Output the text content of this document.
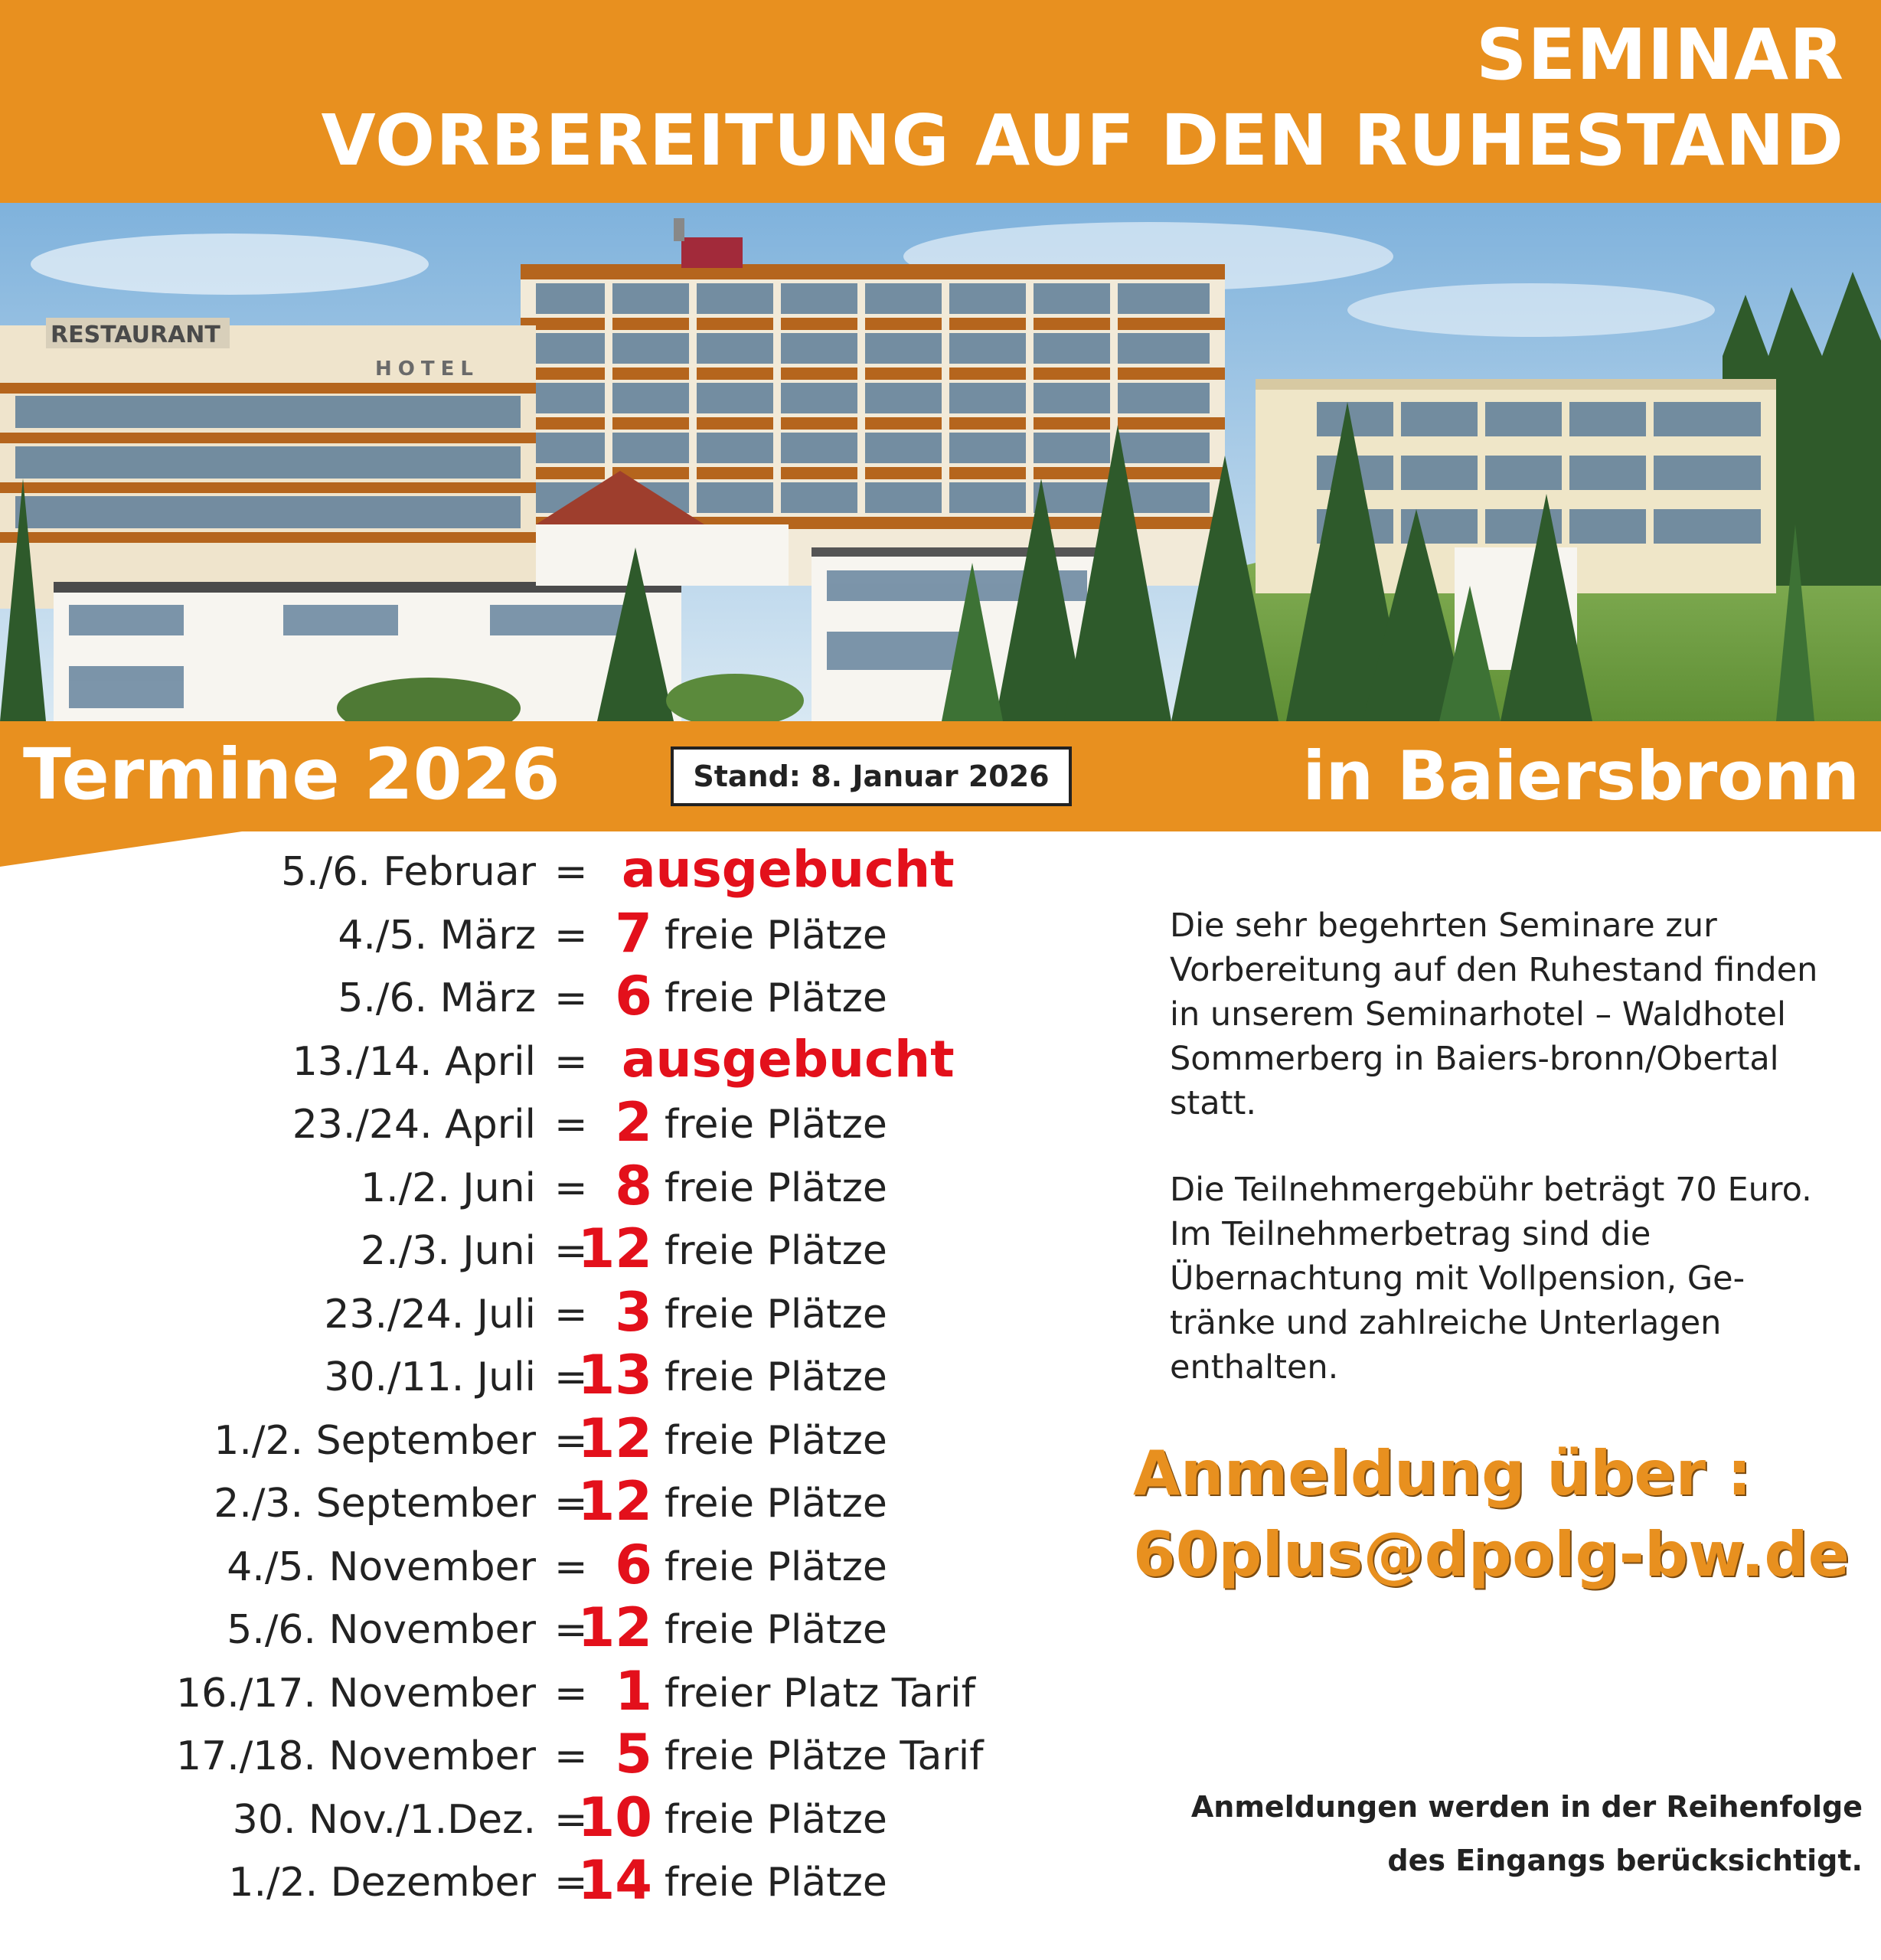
SEMINAR
VORBEREITUNG AUF DEN RUHESTAND
RESTAURANT
HOTEL
Termine 2026	Stand: 8. Januar 2026	in Baiersbronn
5./6. Februar = ausgebucht
4./5. März = 7 freie Plätze
5./6. März = 6 freie Plätze
13./14. April = ausgebucht
23./24. April = 2 freie Plätze
1./2. Juni = 8 freie Plätze
2./3. Juni =
12 freie Plätze
23./24. Juli = 3 freie Plätze
30./11. Juli =
13 freie Plätze
1./2. September =
12 freie Plätze
2./3. September =
12 freie Plätze
4./5. November = 6 freie Plätze
5./6. November =
12 freie Plätze
16./17. November = 1 freier Platz Tarif
17./18. November = 5 freie Plätze Tarif
30. Nov./1.Dez. =
10 freie Plätze
1./2. Dezember =
14 freie Plätze

Die sehr begehrten Seminare zur Vorbereitung auf den Ruhestand finden in unserem Seminarhotel – Waldhotel Sommerberg in Baiers-bronn/Obertal statt.

Die Teilnehmergebühr beträgt 70 Euro. Im Teilnehmerbetrag sind die Übernachtung mit Vollpension, Ge-tränke und zahlreiche Unterlagen enthalten.

Anmeldung über :
60plus@dpolg-bw.de
Anmeldungen werden in der Reihenfolge
des Eingangs berücksichtigt.
